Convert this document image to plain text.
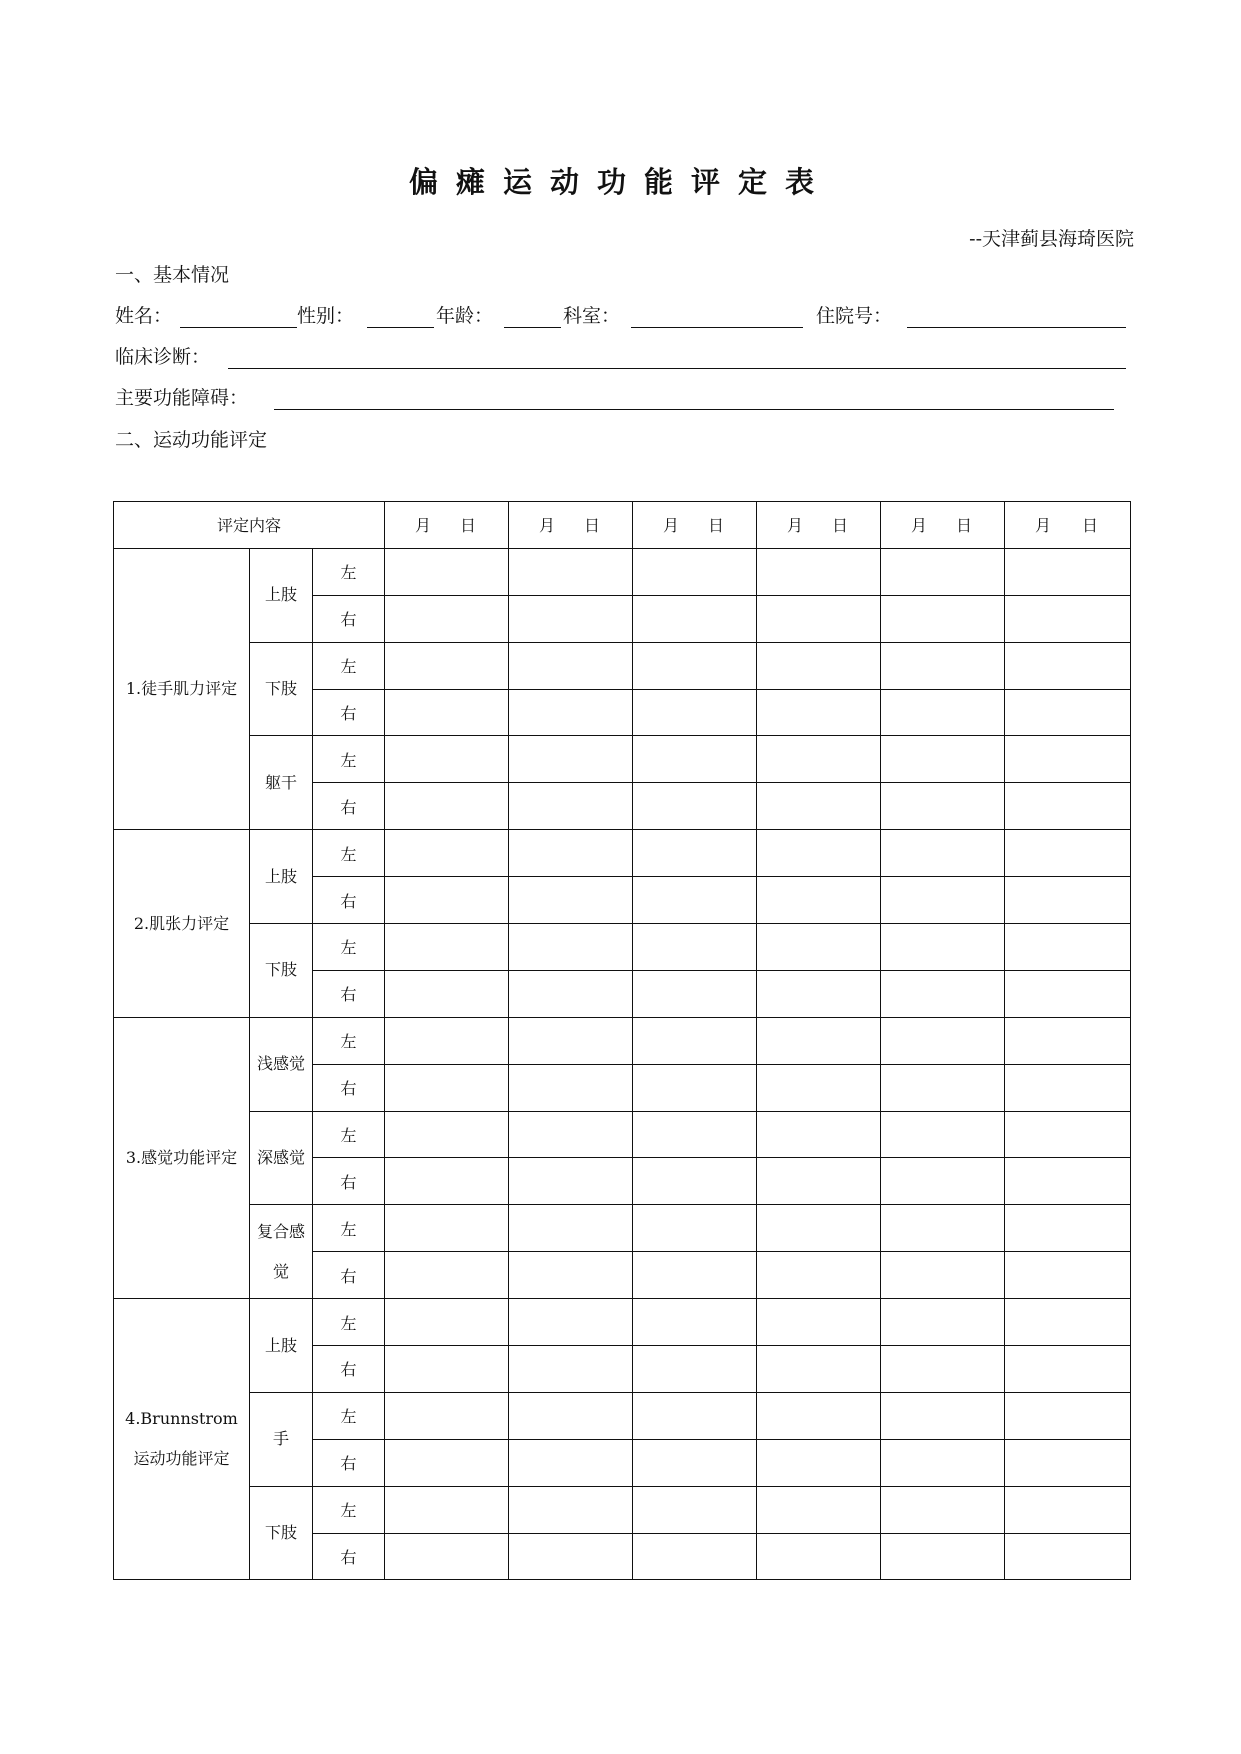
偏瘫运动功能评定表
--天津蓟县海琦医院
一、基本情况
姓名：	性别：	年龄：	科室：	住院号：
临床诊断：
主要功能障碍：
二、运动功能评定
评定内容			月 日	月 日	月 日	月 日	月 日	月 日

1.徒手肌力评定	上肢	左						
		右						
	下肢	左						
		右						
	躯干	左						
		右						
2.肌张力评定	上肢	左						
		右						
	下肢	左						
		右						
3.感觉功能评定	浅感觉	左						
		右						
	深感觉	左						
		右						
	复合感觉	左						
		右						
4.Brunnstrom运动功能评定	上肢	左						
		右						
	手	左						
		右						
	下肢	左						
		右						
